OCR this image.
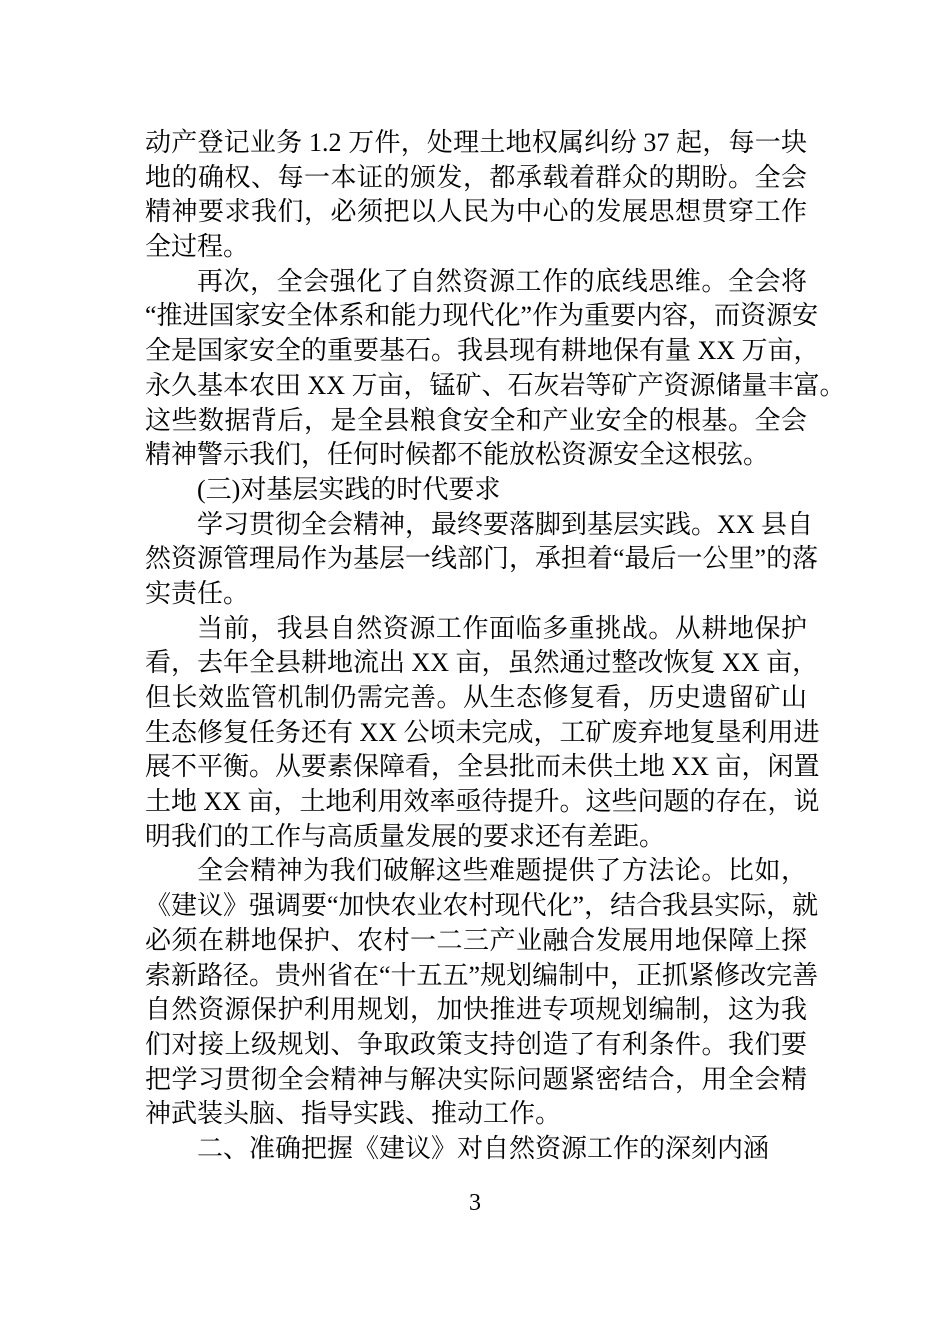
动产登记业务 1.2 万件，处理土地权属纠纷 37 起，每一块
地的确权、每一本证的颁发，都承载着群众的期盼。全会
精神要求我们，必须把以人民为中心的发展思想贯穿工作
全过程。
再次，全会强化了自然资源工作的底线思维。全会将
“推进国家安全体系和能力现代化”作为重要内容，而资源安
全是国家安全的重要基石。我县现有耕地保有量 XX 万亩，
永久基本农田 XX 万亩，锰矿、石灰岩等矿产资源储量丰富。
这些数据背后，是全县粮食安全和产业安全的根基。全会
精神警示我们，任何时候都不能放松资源安全这根弦。
(三)对基层实践的时代要求
学习贯彻全会精神，最终要落脚到基层实践。XX 县自
然资源管理局作为基层一线部门，承担着“最后一公里”的落
实责任。
当前，我县自然资源工作面临多重挑战。从耕地保护
看，去年全县耕地流出 XX 亩，虽然通过整改恢复 XX 亩，
但长效监管机制仍需完善。从生态修复看，历史遗留矿山
生态修复任务还有 XX 公顷未完成，工矿废弃地复垦利用进
展不平衡。从要素保障看，全县批而未供土地 XX 亩，闲置
土地 XX 亩，土地利用效率亟待提升。这些问题的存在，说
明我们的工作与高质量发展的要求还有差距。
全会精神为我们破解这些难题提供了方法论。比如，
《建议》强调要“加快农业农村现代化”，结合我县实际，就
必须在耕地保护、农村一二三产业融合发展用地保障上探
索新路径。贵州省在“十五五”规划编制中，正抓紧修改完善
自然资源保护利用规划，加快推进专项规划编制，这为我
们对接上级规划、争取政策支持创造了有利条件。我们要
把学习贯彻全会精神与解决实际问题紧密结合，用全会精
神武装头脑、指导实践、推动工作。
二、准确把握《建议》对自然资源工作的深刻内涵
3
